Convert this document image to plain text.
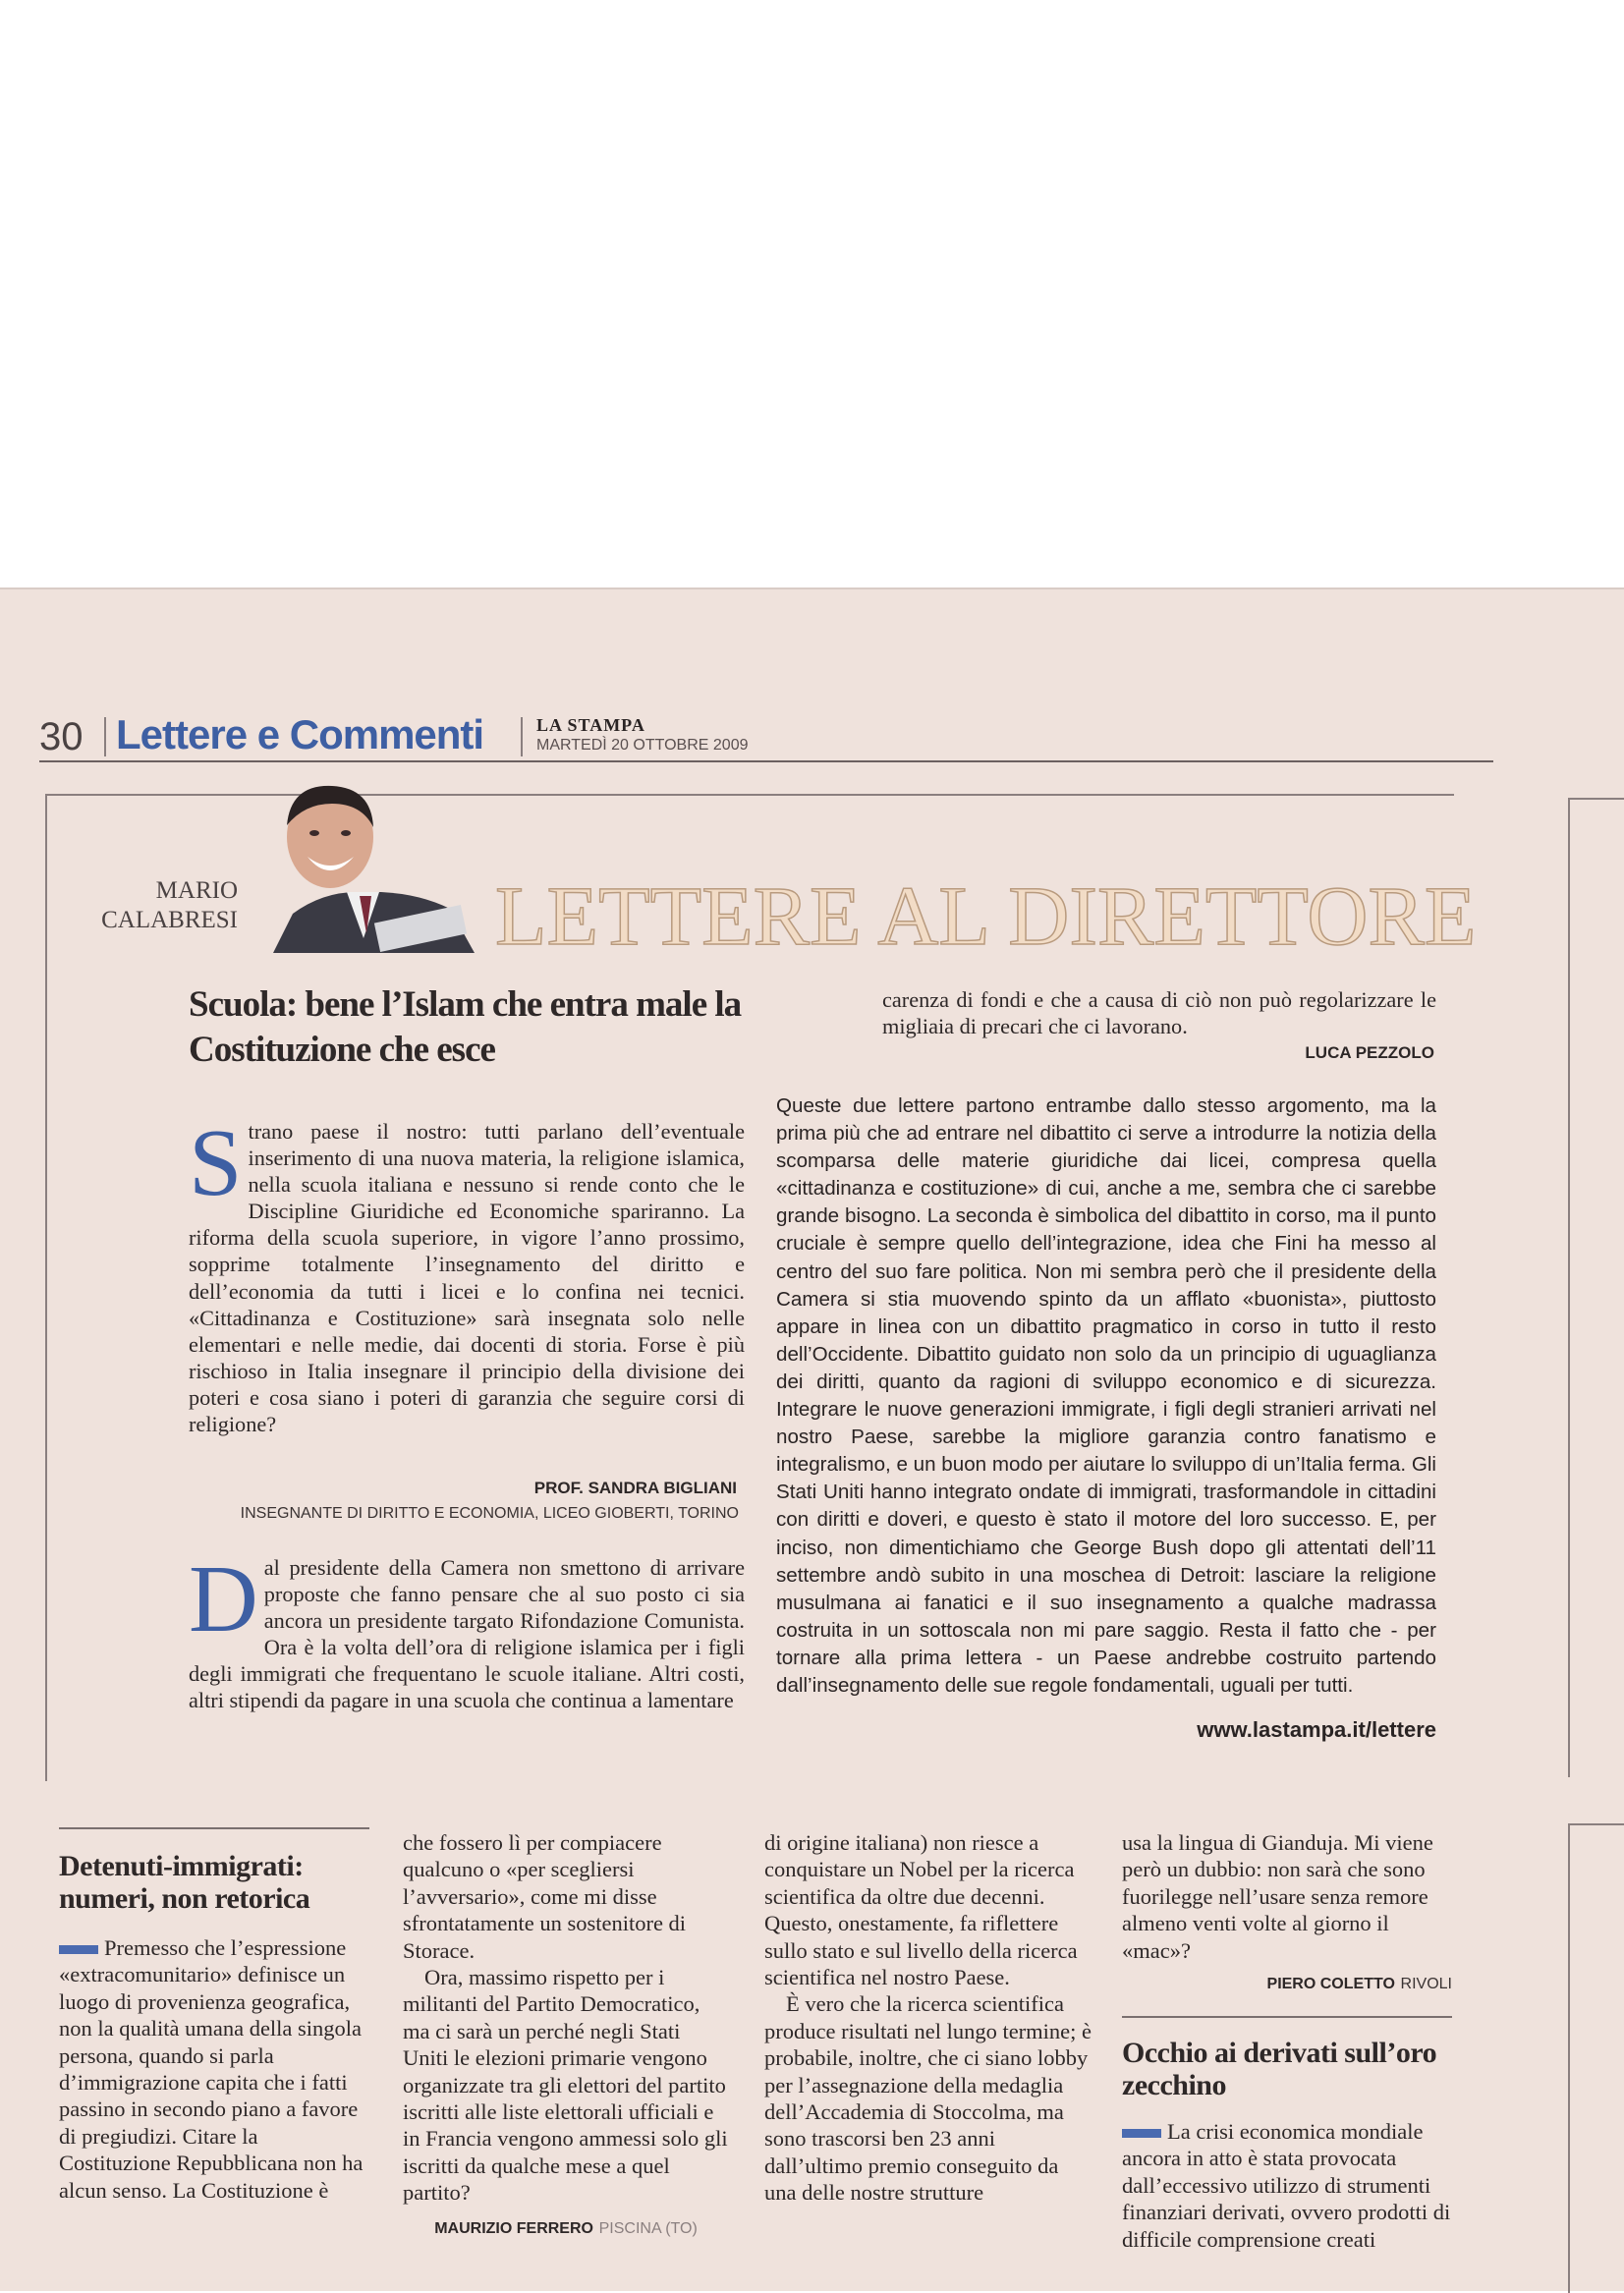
30 Lettere e Commenti	LA STAMPA
MARTEDÌ 20 OTTOBRE 2009
MARIO CALABRESI	LETTERE AL DIRETTORE
Scuola: bene l’Islam che entra male la Costituzione che esce
Strano paese il nostro: tutti parlano dell’eventuale inserimento di una nuova materia, la religione islamica, nella scuola italiana e nessuno si rende conto che le Discipline Giuridiche ed Economiche spariranno. La riforma della scuola superiore, in vigore l’anno prossimo, sopprime totalmente l’insegnamento del diritto e dell’economia da tutti i licei e lo confina nei tecnici. «Cittadinanza e Costituzione» sarà insegnata solo nelle elementari e nelle medie, dai docenti di storia. Forse è più rischioso in Italia insegnare il principio della divisione dei poteri e cosa siano i poteri di garanzia che seguire corsi di religione?
PROF. SANDRA BIGLIANI
INSEGNANTE DI DIRITTO E ECONOMIA, LICEO GIOBERTI, TORINO
Dal presidente della Camera non smettono di arrivare proposte che fanno pensare che al suo posto ci sia ancora un presidente targato Rifondazione Comunista. Ora è la volta dell’ora di religione islamica per i figli degli immigrati che frequentano le scuole italiane. Altri costi, altri stipendi da pagare in una scuola che continua a lamentare
carenza di fondi e che a causa di ciò non può regolarizzare le migliaia di precari che ci lavorano.
LUCA PEZZOLO
Queste due lettere partono entrambe dallo stesso argomento, ma la prima più che ad entrare nel dibattito ci serve a introdurre la notizia della scomparsa delle materie giuridiche dai licei, compresa quella «cittadinanza e costituzione» di cui, anche a me, sembra che ci sarebbe grande bisogno. La seconda è simbolica del dibattito in corso, ma il punto cruciale è sempre quello dell’integrazione, idea che Fini ha messo al centro del suo fare politica. Non mi sembra però che il presidente della Camera si stia muovendo spinto da un afflato «buonista», piuttosto appare in linea con un dibattito pragmatico in corso in tutto il resto dell’Occidente. Dibattito guidato non solo da un principio di uguaglianza dei diritti, quanto da ragioni di sviluppo economico e di sicurezza. Integrare le nuove generazioni immigrate, i figli degli stranieri arrivati nel nostro Paese, sarebbe la migliore garanzia contro fanatismo e integralismo, e un buon modo per aiutare lo sviluppo di un’Italia ferma. Gli Stati Uniti hanno integrato ondate di immigrati, trasformandole in cittadini con diritti e doveri, e questo è stato il motore del loro successo. E, per inciso, non dimentichiamo che George Bush dopo gli attentati dell’11 settembre andò subito in una moschea di Detroit: lasciare la religione musulmana ai fanatici e il suo insegnamento a qualche madrassa costruita in un sottoscala non mi pare saggio. Resta il fatto che - per tornare alla prima lettera - un Paese andrebbe costruito partendo dall’insegnamento delle sue regole fondamentali, uguali per tutti.
www.lastampa.it/lettere
Detenuti-immigrati: numeri, non retorica
Premesso che l’espressione «extracomunitario» definisce un luogo di provenienza geografica, non la qualità umana della singola persona, quando si parla d’immigrazione capita che i fatti passino in secondo piano a favore di pregiudizi. Citare la Costituzione Repubblicana non ha alcun senso. La Costituzione è
che fossero lì per compiacere qualcuno o «per scegliersi l’avversario», come mi disse sfrontatamente un sostenitore di Storace.
Ora, massimo rispetto per i militanti del Partito Democratico, ma ci sarà un perché negli Stati Uniti le elezioni primarie vengono organizzate tra gli elettori del partito iscritti alle liste elettorali ufficiali e in Francia vengono ammessi solo gli iscritti da qualche mese a quel partito?
MAURIZIO FERRERO PISCINA (TO)
di origine italiana) non riesce a conquistare un Nobel per la ricerca scientifica da oltre due decenni. Questo, onestamente, fa riflettere sullo stato e sul livello della ricerca scientifica nel nostro Paese.
È vero che la ricerca scientifica produce risultati nel lungo termine; è probabile, inoltre, che ci siano lobby per l’assegnazione della medaglia dell’Accademia di Stoccolma, ma sono trascorsi ben 23 anni dall’ultimo premio conseguito da una delle nostre strutture
usa la lingua di Gianduja. Mi viene però un dubbio: non sarà che sono fuorilegge nell’usare senza remore almeno venti volte al giorno il «mac»?
PIERO COLETTO RIVOLI
Occhio ai derivati sull’oro zecchino
La crisi economica mondiale ancora in atto è stata provocata dall’eccessivo utilizzo di strumenti finanziari derivati, ovvero prodotti di difficile comprensione creati
